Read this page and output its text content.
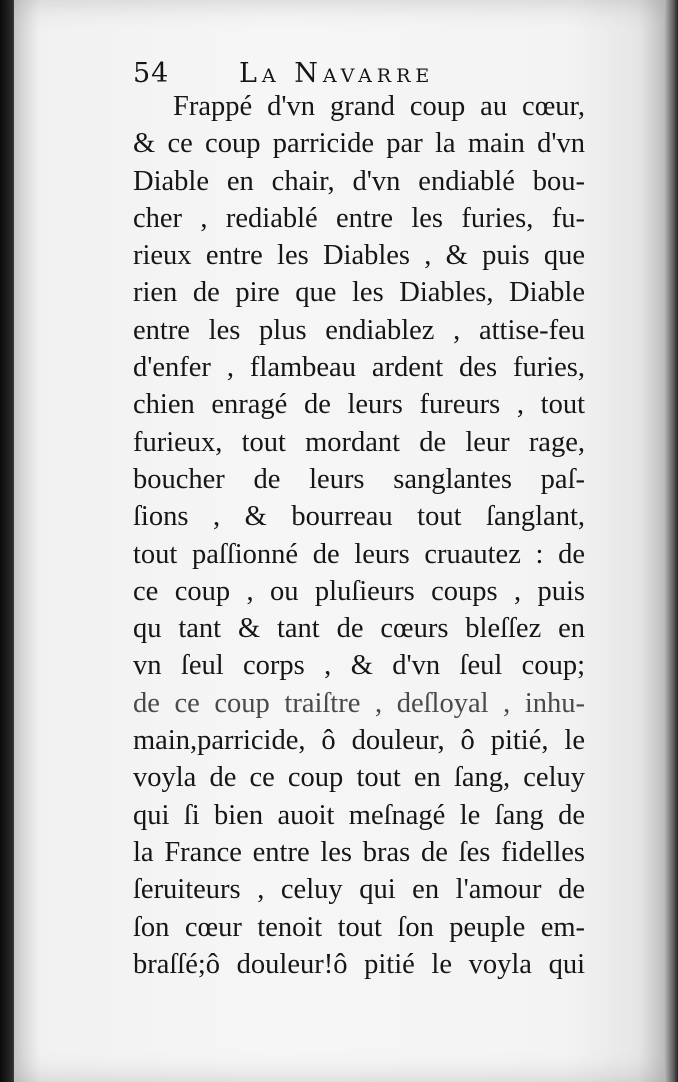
54	La Navarre
Frappé d'vn grand coup au cœur,
& ce coup parricide par la main d'vn
Diable en chair, d'vn endiablé bou-
cher , rediablé entre les furies, fu-
rieux entre les Diables , & puis que
rien de pire que les Diables, Diable
entre les plus endiablez , attise-feu
d'enfer , flambeau ardent des furies,
chien enragé de leurs fureurs , tout
furieux, tout mordant de leur rage,
boucher de leurs sanglantes paſ-
ſions , & bourreau tout ſanglant,
tout paſſionné de leurs cruautez : de
ce coup , ou pluſieurs coups , puis
qu tant & tant de cœurs bleſſez en
vn ſeul corps , & d'vn ſeul coup;
de ce coup traiſtre , deſloyal , inhu-
main,parricide, ô douleur, ô pitié, le
voyla de ce coup tout en ſang, celuy
qui ſi bien auoit meſnagé le ſang de
la France entre les bras de ſes fidelles
ſeruiteurs , celuy qui en l'amour de
ſon cœur tenoit tout ſon peuple em-
braſſé;ô douleur!ô pitié le voyla qui
